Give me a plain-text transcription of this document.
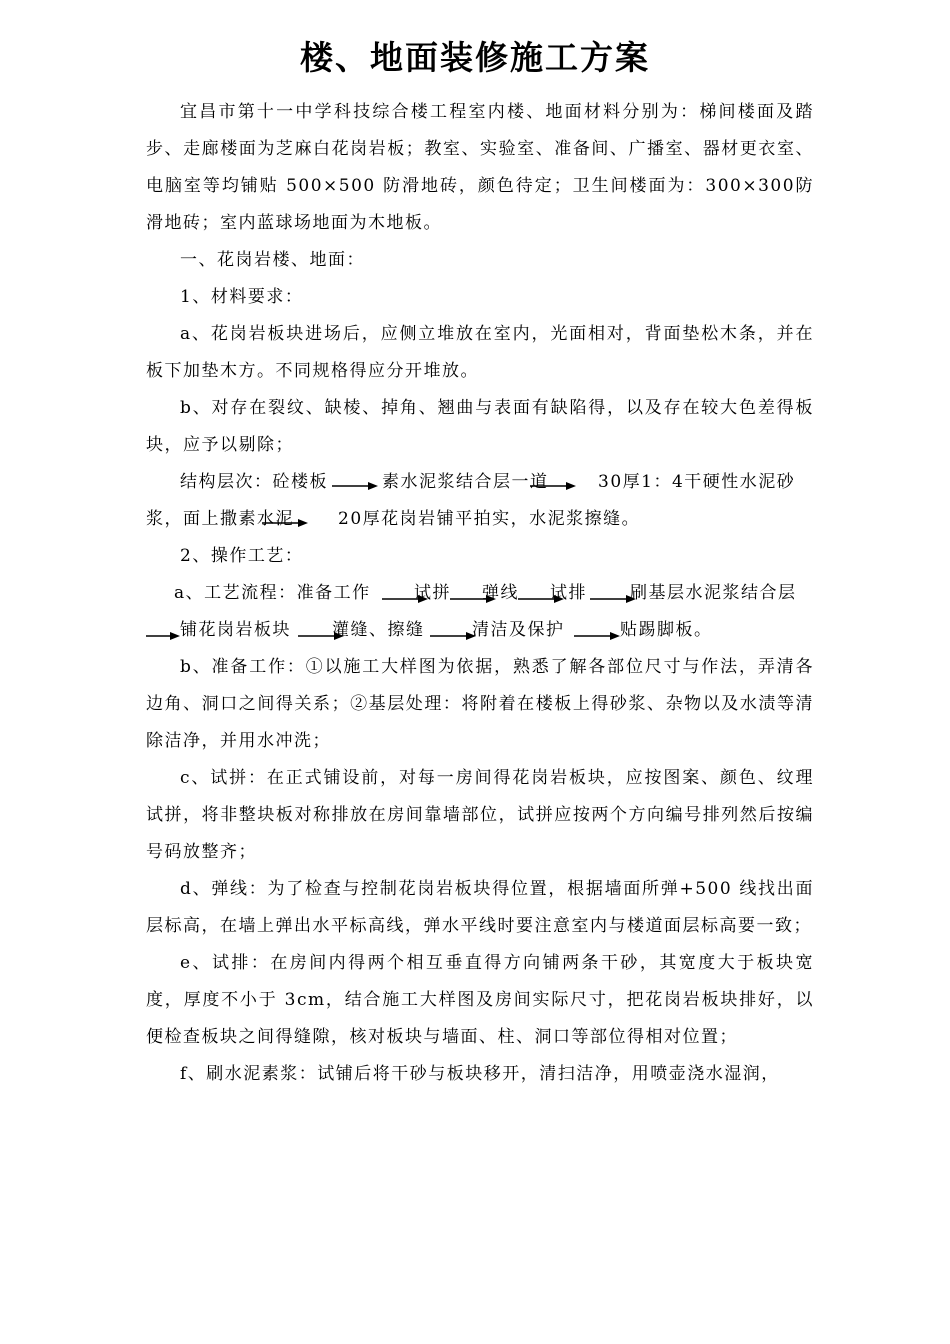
楼、地面装修施工方案

宜昌市第十一中学科技综合楼工程室内楼、地面材料分别为：梯间楼面及踏步、走廊楼面为芝麻白花岗岩板；教室、实验室、准备间、广播室、器材更衣室、电脑室等均铺贴 500×500 防滑地砖，颜色待定；卫生间楼面为：300×300防滑地砖；室内蓝球场地面为木地板。

一、花岗岩楼、地面：

1、材料要求：

a、花岗岩板块进场后，应侧立堆放在室内，光面相对，背面垫松木条，并在板下加垫木方。不同规格得应分开堆放。

b、对存在裂纹、缺棱、掉角、翘曲与表面有缺陷得，以及存在较大色差得板块，应予以剔除；

结构层次：砼楼板	素水泥浆结合层一道	30厚1：4干硬性水泥砂
浆，面上撒素水泥	20厚花岗岩铺平拍实，水泥浆擦缝。

2、操作工艺：

a、工艺流程：准备工作	试拼 弹线 试排	刷基层水泥浆结合层
铺花岗岩板块 灌缝、擦缝	清洁及保护	贴踢脚板。

b、准备工作：①以施工大样图为依据，熟悉了解各部位尺寸与作法，弄清各边角、洞口之间得关系；②基层处理：将附着在楼板上得砂浆、杂物以及水渍等清除洁净，并用水冲洗；

c、试拼：在正式铺设前，对每一房间得花岗岩板块，应按图案、颜色、纹理试拼，将非整块板对称排放在房间靠墙部位，试拼应按两个方向编号排列然后按编号码放整齐；

d、弹线：为了检查与控制花岗岩板块得位置，根据墙面所弹+500 线找出面层标高，在墙上弹出水平标高线，弹水平线时要注意室内与楼道面层标高要一致；

e、试排：在房间内得两个相互垂直得方向铺两条干砂，其宽度大于板块宽度，厚度不小于 3cm，结合施工大样图及房间实际尺寸，把花岗岩板块排好，以便检查板块之间得缝隙，核对板块与墙面、柱、洞口等部位得相对位置；

f、刷水泥素浆：试铺后将干砂与板块移开，清扫洁净，用喷壶浇水湿润，
